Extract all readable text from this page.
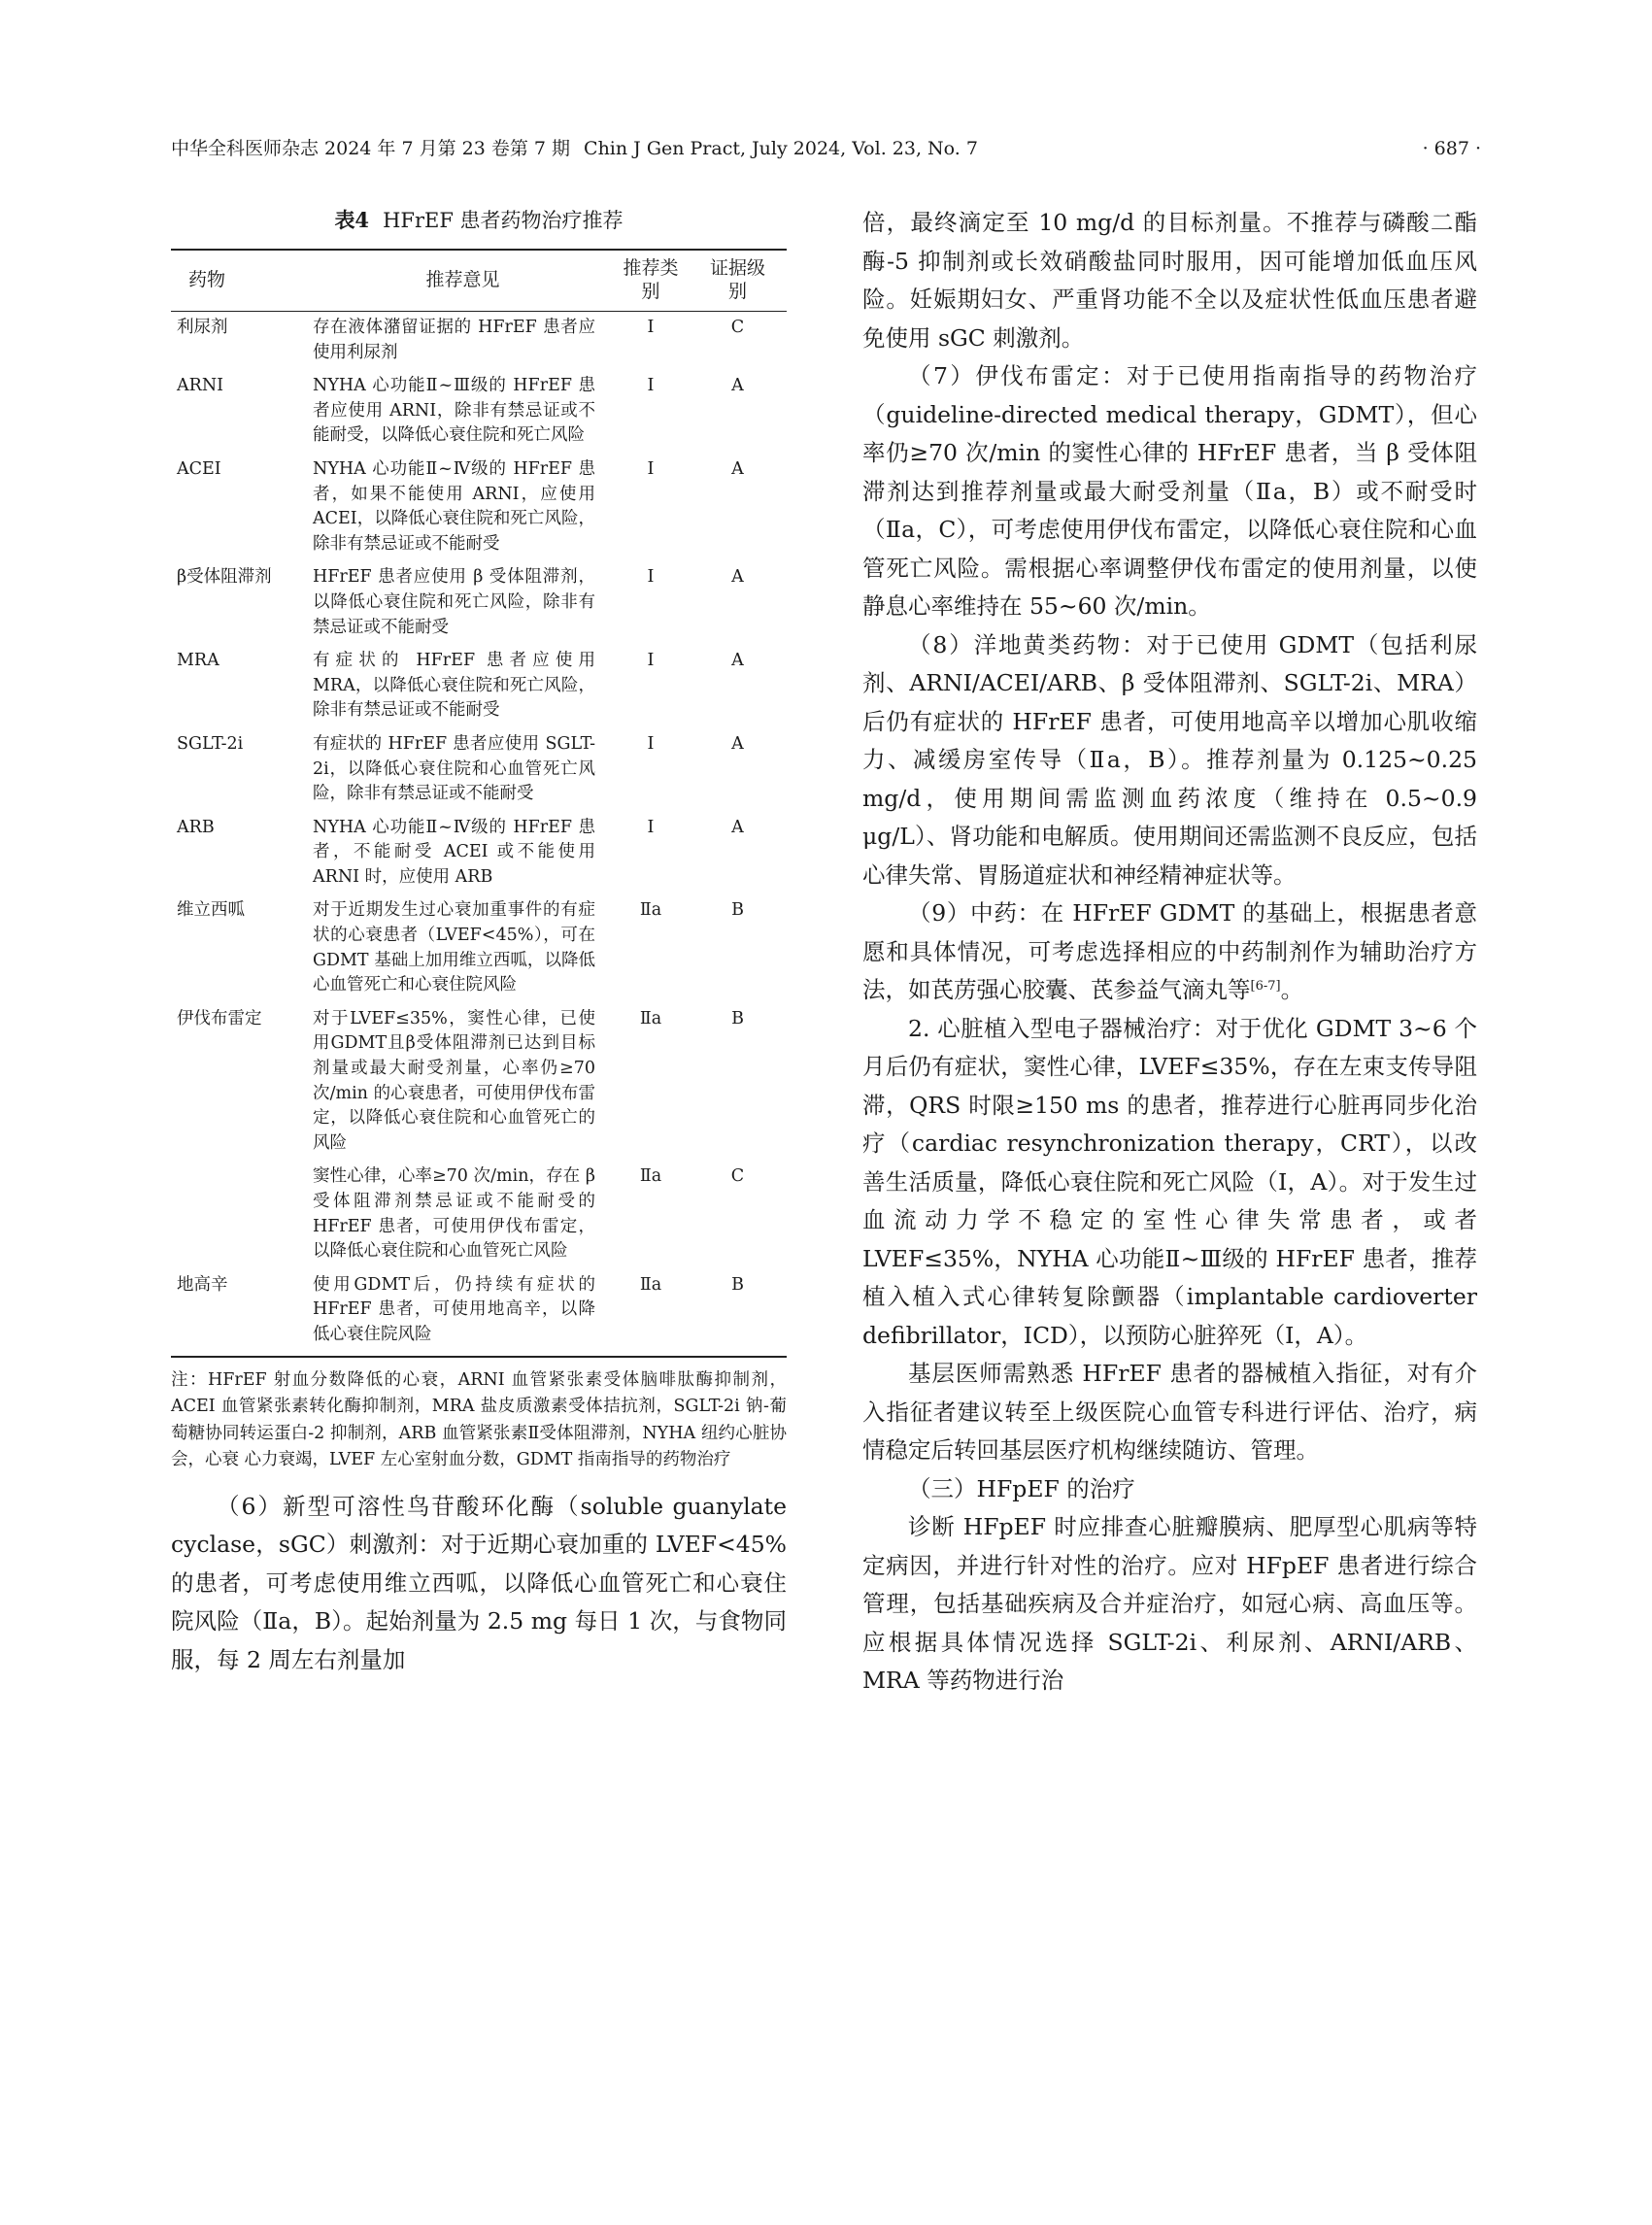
中华全科医师杂志 2024 年 7 月第 23 卷第 7 期 Chin J Gen Pract, July 2024, Vol. 23, No. 7	· 687 ·
表4 HFrEF 患者药物治疗推荐
药物	推荐意见	推荐类别	证据级别

利尿剂	存在液体潴留证据的 HFrEF 患者应使用利尿剂	Ⅰ	C
ARNI	NYHA 心功能Ⅱ~Ⅲ级的 HFrEF 患者应使用 ARNI，除非有禁忌证或不能耐受，以降低心衰住院和死亡风险	Ⅰ	A
ACEI	NYHA 心功能Ⅱ~Ⅳ级的 HFrEF 患者，如果不能使用 ARNI，应使用 ACEI，以降低心衰住院和死亡风险，除非有禁忌证或不能耐受	Ⅰ	A
β受体阻滞剂	HFrEF 患者应使用 β 受体阻滞剂，以降低心衰住院和死亡风险，除非有禁忌证或不能耐受	Ⅰ	A
MRA	有症状的 HFrEF 患者应使用 MRA，以降低心衰住院和死亡风险，除非有禁忌证或不能耐受	Ⅰ	A
SGLT-2i	有症状的 HFrEF 患者应使用 SGLT-2i，以降低心衰住院和心血管死亡风险，除非有禁忌证或不能耐受	Ⅰ	A
ARB	NYHA 心功能Ⅱ~Ⅳ级的 HFrEF 患者，不能耐受 ACEI 或不能使用 ARNI 时，应使用 ARB	Ⅰ	A
维立西呱	对于近期发生过心衰加重事件的有症状的心衰患者（LVEF<45%），可在 GDMT 基础上加用维立西呱，以降低心血管死亡和心衰住院风险	Ⅱa	B
伊伐布雷定	对于LVEF≤35%，窦性心律，已使用GDMT且β受体阻滞剂已达到目标剂量或最大耐受剂量，心率仍≥70 次/min 的心衰患者，可使用伊伐布雷定，以降低心衰住院和心血管死亡的风险	Ⅱa	B
	窦性心律，心率≥70 次/min，存在 β 受体阻滞剂禁忌证或不能耐受的 HFrEF 患者，可使用伊伐布雷定，以降低心衰住院和心血管死亡风险	Ⅱa	C
地高辛	使用GDMT后，仍持续有症状的 HFrEF 患者，可使用地高辛，以降低心衰住院风险	Ⅱa	B
注：HFrEF 射血分数降低的心衰，ARNI 血管紧张素受体脑啡肽酶抑制剂，ACEI 血管紧张素转化酶抑制剂，MRA 盐皮质激素受体拮抗剂，SGLT-2i 钠-葡萄糖协同转运蛋白-2 抑制剂，ARB 血管紧张素Ⅱ受体阻滞剂，NYHA 纽约心脏协会，心衰 心力衰竭，LVEF 左心室射血分数，GDMT 指南指导的药物治疗

（6）新型可溶性鸟苷酸环化酶（soluble guanylate cyclase，sGC）刺激剂：对于近期心衰加重的 LVEF<45% 的患者，可考虑使用维立西呱，以降低心血管死亡和心衰住院风险（Ⅱa，B）。起始剂量为 2.5 mg 每日 1 次，与食物同服，每 2 周左右剂量加

倍，最终滴定至 10 mg/d 的目标剂量。不推荐与磷酸二酯酶-5 抑制剂或长效硝酸盐同时服用，因可能增加低血压风险。妊娠期妇女、严重肾功能不全以及症状性低血压患者避免使用 sGC 刺激剂。

（7）伊伐布雷定：对于已使用指南指导的药物治疗（guideline-directed medical therapy，GDMT），但心率仍≥70 次/min 的窦性心律的 HFrEF 患者，当 β 受体阻滞剂达到推荐剂量或最大耐受剂量（Ⅱa，B）或不耐受时（Ⅱa，C），可考虑使用伊伐布雷定，以降低心衰住院和心血管死亡风险。需根据心率调整伊伐布雷定的使用剂量，以使静息心率维持在 55~60 次/min。

（8）洋地黄类药物：对于已使用 GDMT（包括利尿剂、ARNI/ACEI/ARB、β 受体阻滞剂、SGLT-2i、MRA）后仍有症状的 HFrEF 患者，可使用地高辛以增加心肌收缩力、减缓房室传导（Ⅱa，B）。推荐剂量为 0.125~0.25 mg/d，使用期间需监测血药浓度（维持在 0.5~0.9 μg/L）、肾功能和电解质。使用期间还需监测不良反应，包括心律失常、胃肠道症状和神经精神症状等。

（9）中药：在 HFrEF GDMT 的基础上，根据患者意愿和具体情况，可考虑选择相应的中药制剂作为辅助治疗方法，如芪苈强心胶囊、芪参益气滴丸等[6-7]。

2. 心脏植入型电子器械治疗：对于优化 GDMT 3~6 个月后仍有症状，窦性心律，LVEF≤35%，存在左束支传导阻滞，QRS 时限≥150 ms 的患者，推荐进行心脏再同步化治疗（cardiac resynchronization therapy，CRT），以改善生活质量，降低心衰住院和死亡风险（Ⅰ，A）。对于发生过血流动力学不稳定的室性心律失常患者，或者 LVEF≤35%，NYHA 心功能Ⅱ~Ⅲ级的 HFrEF 患者，推荐植入植入式心律转复除颤器（implantable cardioverter defibrillator，ICD），以预防心脏猝死（Ⅰ，A）。

基层医师需熟悉 HFrEF 患者的器械植入指征，对有介入指征者建议转至上级医院心血管专科进行评估、治疗，病情稳定后转回基层医疗机构继续随访、管理。

（三）HFpEF 的治疗

诊断 HFpEF 时应排查心脏瓣膜病、肥厚型心肌病等特定病因，并进行针对性的治疗。应对 HFpEF 患者进行综合管理，包括基础疾病及合并症治疗，如冠心病、高血压等。应根据具体情况选择 SGLT-2i、利尿剂、ARNI/ARB、MRA 等药物进行治
